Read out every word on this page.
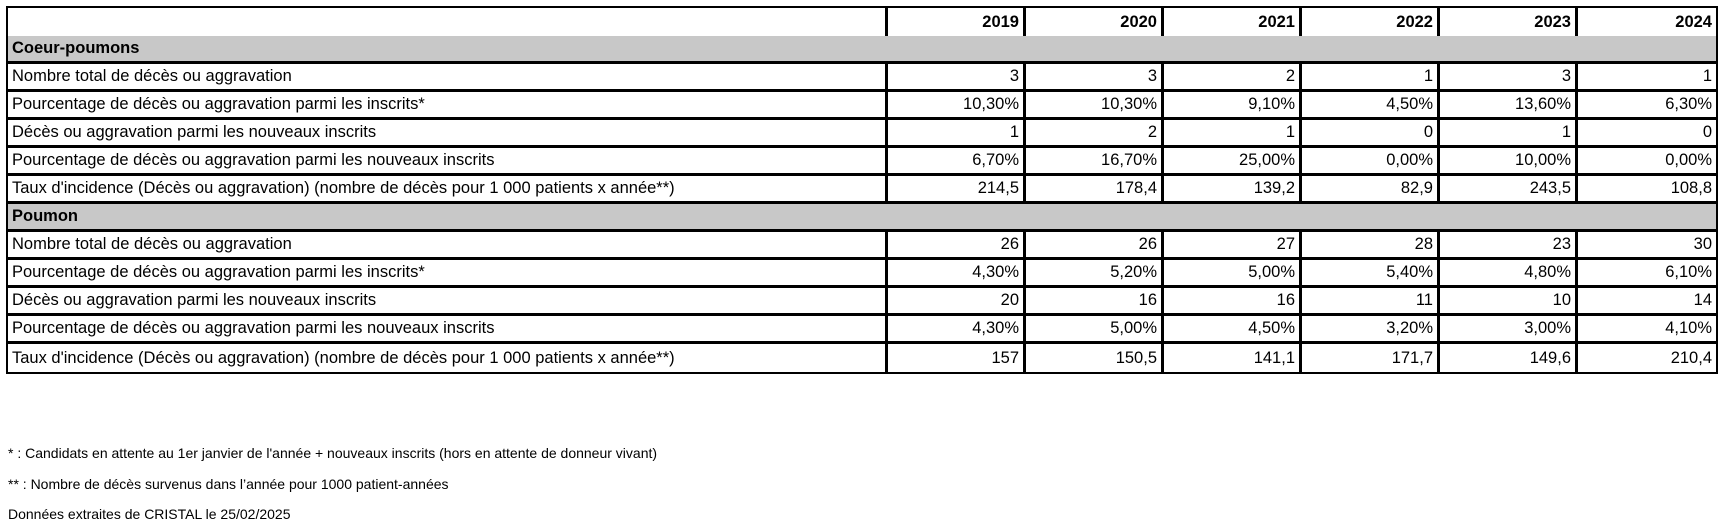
	2019	2020	2021	2022	2023	2024
Coeur-poumons						
Nombre total de décès ou aggravation	3	3	2	1	3	1
Pourcentage de décès ou aggravation parmi les inscrits*	10,30%	10,30%	9,10%	4,50%	13,60%	6,30%
Décès ou aggravation parmi les nouveaux inscrits	1	2	1	0	1	0
Pourcentage de décès ou aggravation parmi les nouveaux inscrits	6,70%	16,70%	25,00%	0,00%	10,00%	0,00%
Taux d'incidence (Décès ou aggravation) (nombre de décès pour 1 000 patients x année**)	214,5	178,4	139,2	82,9	243,5	108,8
Poumon						
Nombre total de décès ou aggravation	26	26	27	28	23	30
Pourcentage de décès ou aggravation parmi les inscrits*	4,30%	5,20%	5,00%	5,40%	4,80%	6,10%
Décès ou aggravation parmi les nouveaux inscrits	20	16	16	11	10	14
Pourcentage de décès ou aggravation parmi les nouveaux inscrits	4,30%	5,00%	4,50%	3,20%	3,00%	4,10%
Taux d'incidence (Décès ou aggravation) (nombre de décès pour 1 000 patients x année**)	157	150,5	141,1	171,7	149,6	210,4
* : Candidats en attente au 1er janvier de l'année + nouveaux inscrits (hors en attente de donneur vivant)
** : Nombre de décès survenus dans l’année pour 1000 patient-années
Données extraites de CRISTAL le 25/02/2025
